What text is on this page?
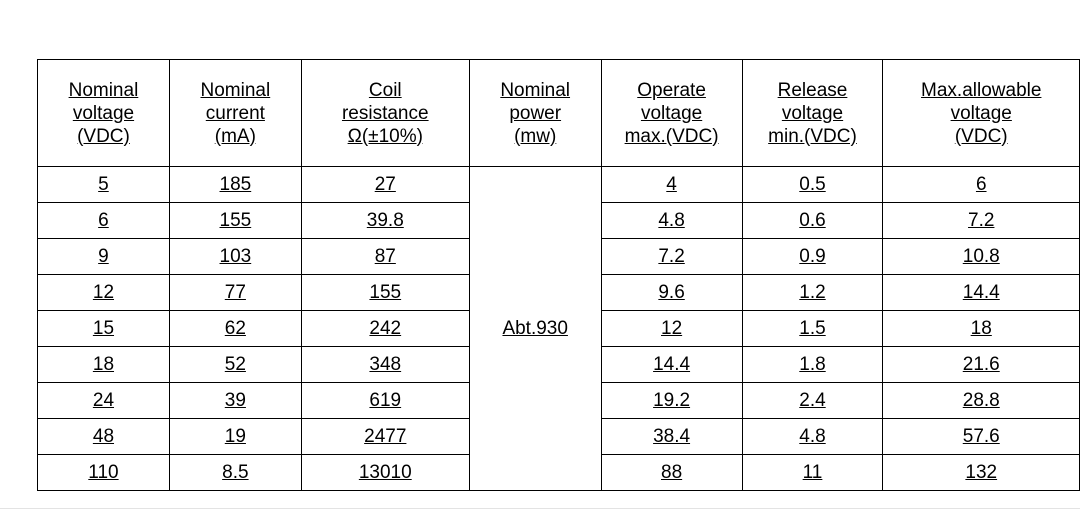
Nominal
voltage
(VDC)	Nominal
current
(mA)	Coil
resistance
Ω(±10%)	Nominal
power
(mw)	Operate
voltage
max.(VDC)	Release
voltage
min.(VDC)	Max.allowable
voltage
(VDC)

5	185	27	Abt.930	4	0.5	6
6	155	39.8		4.8	0.6	7.2
9	103	87		7.2	0.9	10.8
12	77	155		9.6	1.2	14.4
15	62	242		12	1.5	18
18	52	348		14.4	1.8	21.6
24	39	619		19.2	2.4	28.8
48	19	2477		38.4	4.8	57.6
110	8.5	13010		88	11	132
